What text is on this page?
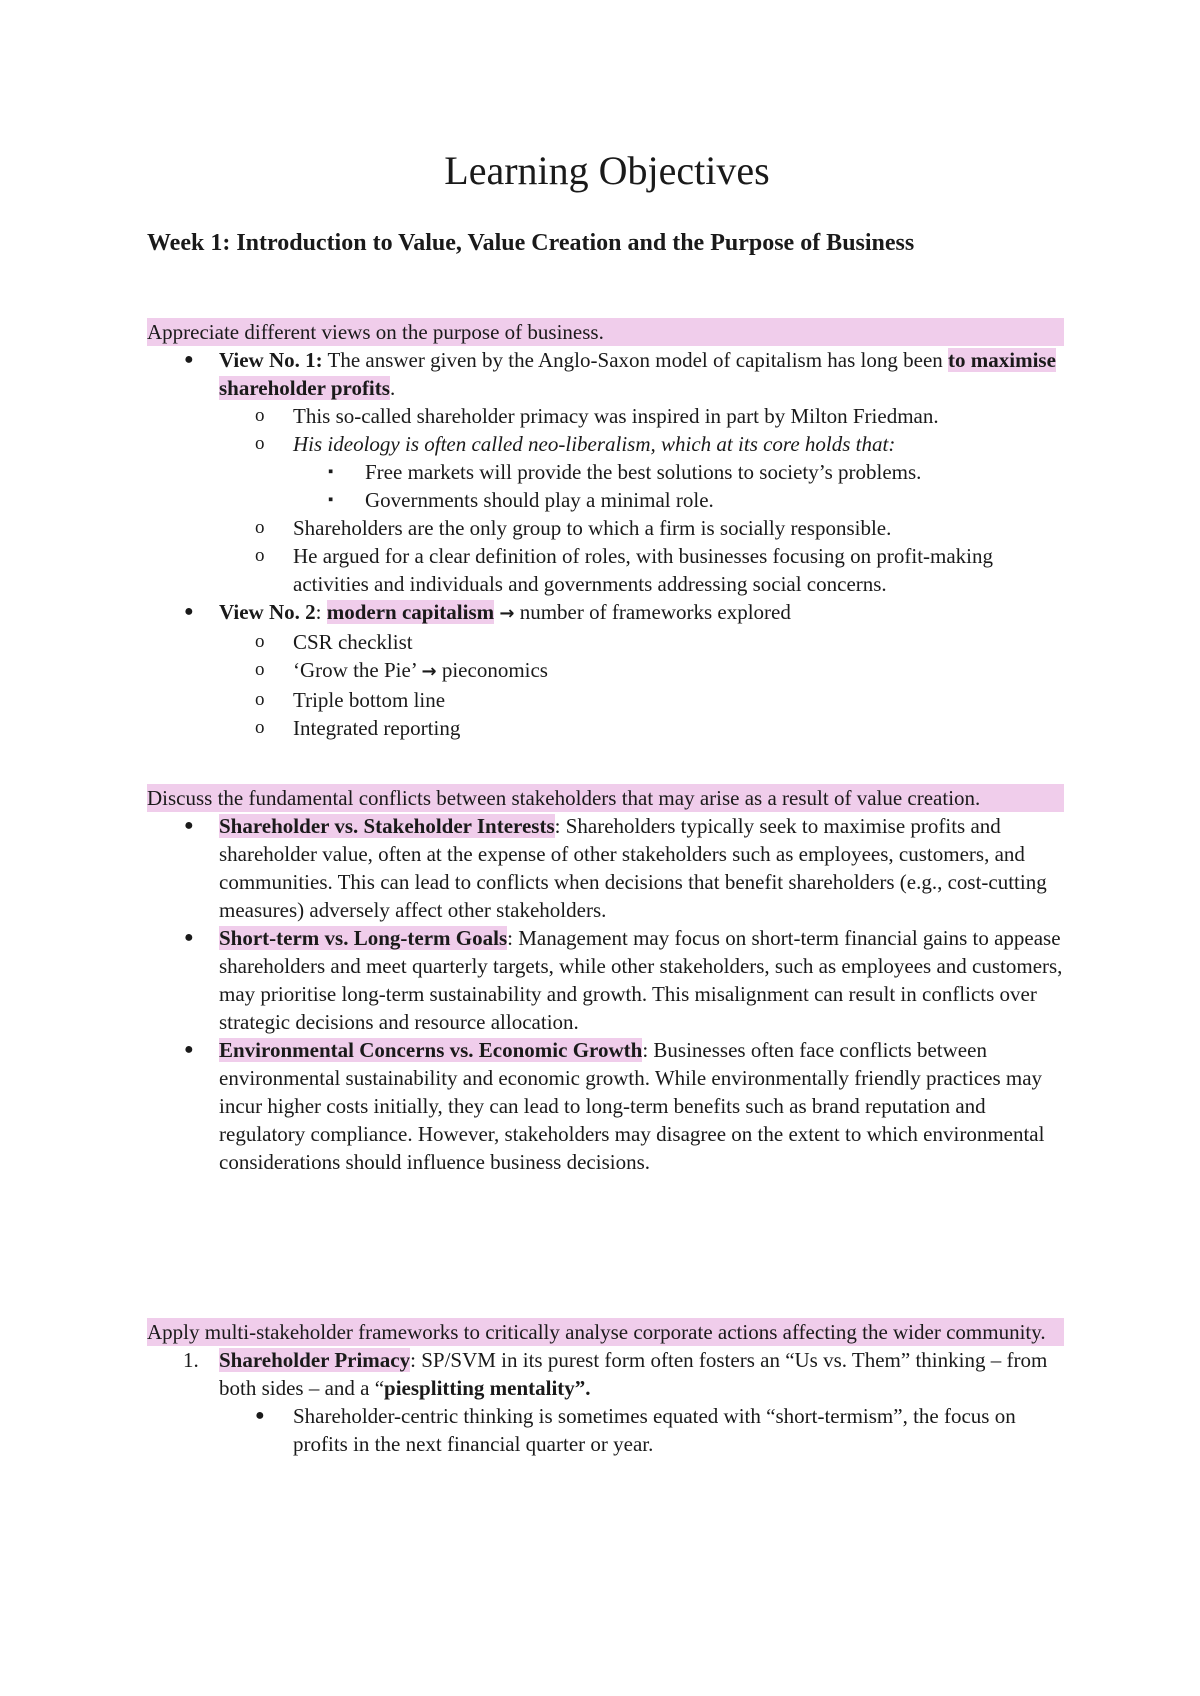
Learning Objectives
Week 1: Introduction to Value, Value Creation and the Purpose of Business
Appreciate different views on the purpose of business.
● View No. 1: The answer given by the Anglo-Saxon model of capitalism has long been to maximise shareholder profits.
o This so-called shareholder primacy was inspired in part by Milton Friedman.
o His ideology is often called neo-liberalism, which at its core holds that:
▪ Free markets will provide the best solutions to society’s problems.
▪ Governments should play a minimal role.
o Shareholders are the only group to which a firm is socially responsible.
o He argued for a clear definition of roles, with businesses focusing on profit-making activities and individuals and governments addressing social concerns.
● View No. 2: modern capitalism → number of frameworks explored
o CSR checklist
o ‘Grow the Pie’ → pieconomics
o Triple bottom line
o Integrated reporting
Discuss the fundamental conflicts between stakeholders that may arise as a result of value creation.
● Shareholder vs. Stakeholder Interests: Shareholders typically seek to maximise profits and shareholder value, often at the expense of other stakeholders such as employees, customers, and communities. This can lead to conflicts when decisions that benefit shareholders (e.g., cost-cutting measures) adversely affect other stakeholders.
● Short-term vs. Long-term Goals: Management may focus on short-term financial gains to appease shareholders and meet quarterly targets, while other stakeholders, such as employees and customers, may prioritise long-term sustainability and growth. This misalignment can result in conflicts over strategic decisions and resource allocation.
● Environmental Concerns vs. Economic Growth: Businesses often face conflicts between environmental sustainability and economic growth. While environmentally friendly practices may incur higher costs initially, they can lead to long-term benefits such as brand reputation and regulatory compliance. However, stakeholders may disagree on the extent to which environmental considerations should influence business decisions.
Apply multi-stakeholder frameworks to critically analyse corporate actions affecting the wider community.
1. Shareholder Primacy: SP/SVM in its purest form often fosters an “Us vs. Them” thinking – from both sides – and a “piesplitting mentality”.
● Shareholder-centric thinking is sometimes equated with “short-termism”, the focus on profits in the next financial quarter or year.
